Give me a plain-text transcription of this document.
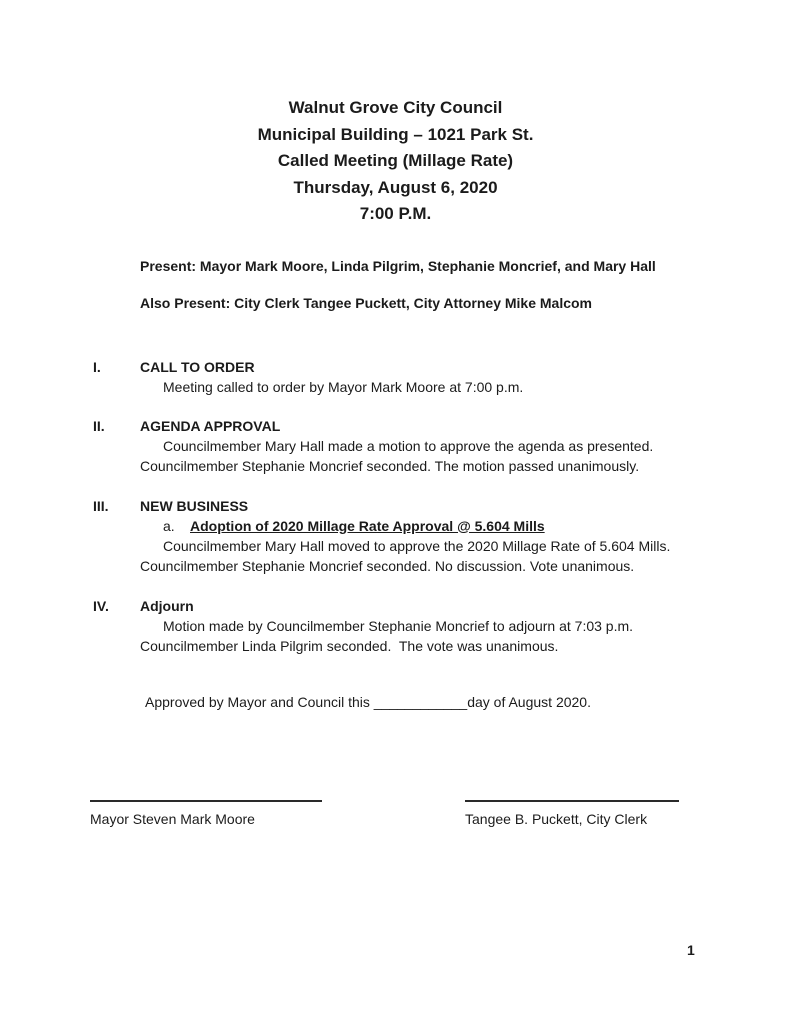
Walnut Grove City Council
Municipal Building – 1021 Park St.
Called Meeting (Millage Rate)
Thursday, August 6, 2020
7:00 P.M.
Present: Mayor Mark Moore, Linda Pilgrim, Stephanie Moncrief, and Mary Hall
Also Present: City Clerk Tangee Puckett, City Attorney Mike Malcom
I.	CALL TO ORDER
Meeting called to order by Mayor Mark Moore at 7:00 p.m.
II.	AGENDA APPROVAL
Councilmember Mary Hall made a motion to approve the agenda as presented.
Councilmember Stephanie Moncrief seconded. The motion passed unanimously.
III.	NEW BUSINESS
a.	Adoption of 2020 Millage Rate Approval @ 5.604 Mills
Councilmember Mary Hall moved to approve the 2020 Millage Rate of 5.604 Mills.
Councilmember Stephanie Moncrief seconded. No discussion. Vote unanimous.
IV.	Adjourn
Motion made by Councilmember Stephanie Moncrief to adjourn at 7:03 p.m.
Councilmember Linda Pilgrim seconded.  The vote was unanimous.
Approved by Mayor and Council this ____________day of August 2020.
Mayor Steven Mark Moore	Tangee B. Puckett, City Clerk
1
